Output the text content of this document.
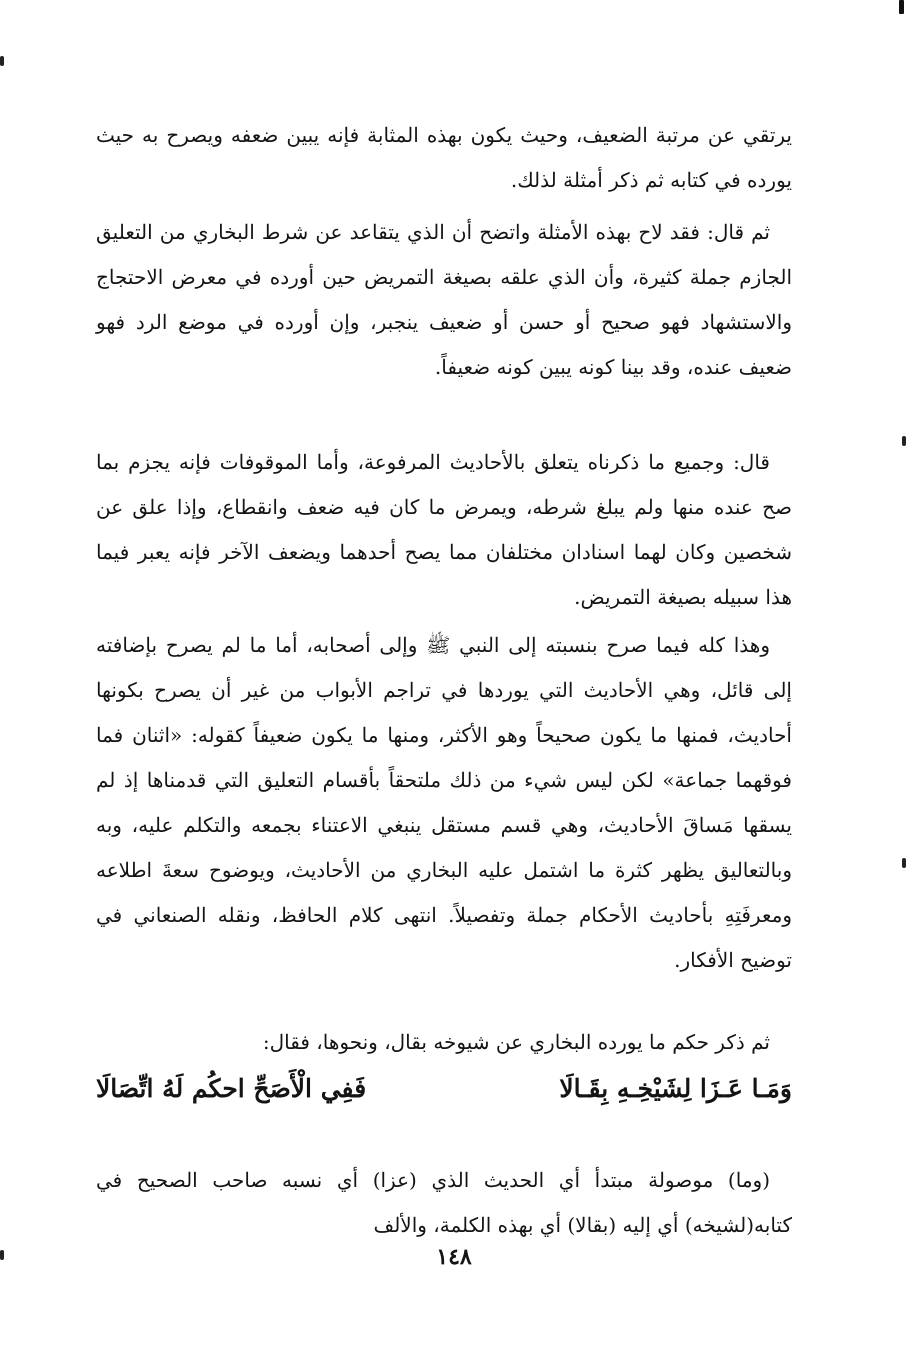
يرتقي عن مرتبة الضعيف، وحيث يكون بهذه المثابة فإنه يبين ضعفه ويصرح به حيث يورده في كتابه ثم ذكر أمثلة لذلك.

ثم قال: فقد لاح بهذه الأمثلة واتضح أن الذي يتقاعد عن شرط البخاري من التعليق الجازم جملة كثيرة، وأن الذي علقه بصيغة التمريض حين أورده في معرض الاحتجاج والاستشهاد فهو صحيح أو حسن أو ضعيف ينجبر، وإن أورده في موضع الرد فهو ضعيف عنده، وقد بينا كونه يبين كونه ضعيفاً.

قال: وجميع ما ذكرناه يتعلق بالأحاديث المرفوعة، وأما الموقوفات فإنه يجزم بما صح عنده منها ولم يبلغ شرطه، ويمرض ما كان فيه ضعف وانقطاع، وإذا علق عن شخصين وكان لهما اسنادان مختلفان مما يصح أحدهما ويضعف الآخر فإنه يعبر فيما هذا سبيله بصيغة التمريض.

وهذا كله فيما صرح بنسبته إلى النبي ﷺ وإلى أصحابه، أما ما لم يصرح بإضافته إلى قائل، وهي الأحاديث التي يوردها في تراجم الأبواب من غير أن يصرح بكونها أحاديث، فمنها ما يكون صحيحاً وهو الأكثر، ومنها ما يكون ضعيفاً كقوله: «اثنان فما فوقهما جماعة» لكن ليس شيء من ذلك ملتحقاً بأقسام التعليق التي قدمناها إذ لم يسقها مَساقَ الأحاديث، وهي قسم مستقل ينبغي الاعتناء بجمعه والتكلم عليه، وبه وبالتعاليق يظهر كثرة ما اشتمل عليه البخاري من الأحاديث، ويوضوح سعةَ اطلاعه ومعرفَتِهِ بأحاديث الأحكام جملة وتفصيلاً. انتهى كلام الحافظ، ونقله الصنعاني في توضيح الأفكار.

ثم ذكر حكم ما يورده البخاري عن شيوخه بقال، ونحوها، فقال:

وَمَـا عَـزَا لِشَيْخِـهِ بِقَـالَا
فَفِي الْأَصَحِّ احكُم لَهُ اتِّصَالَا

(وما) موصولة مبتدأ أي الحديث الذي (عزا) أي نسبه صاحب الصحيح في كتابه(لشيخه) أي إليه (بقالا) أي بهذه الكلمة، والألف

١٤٨
